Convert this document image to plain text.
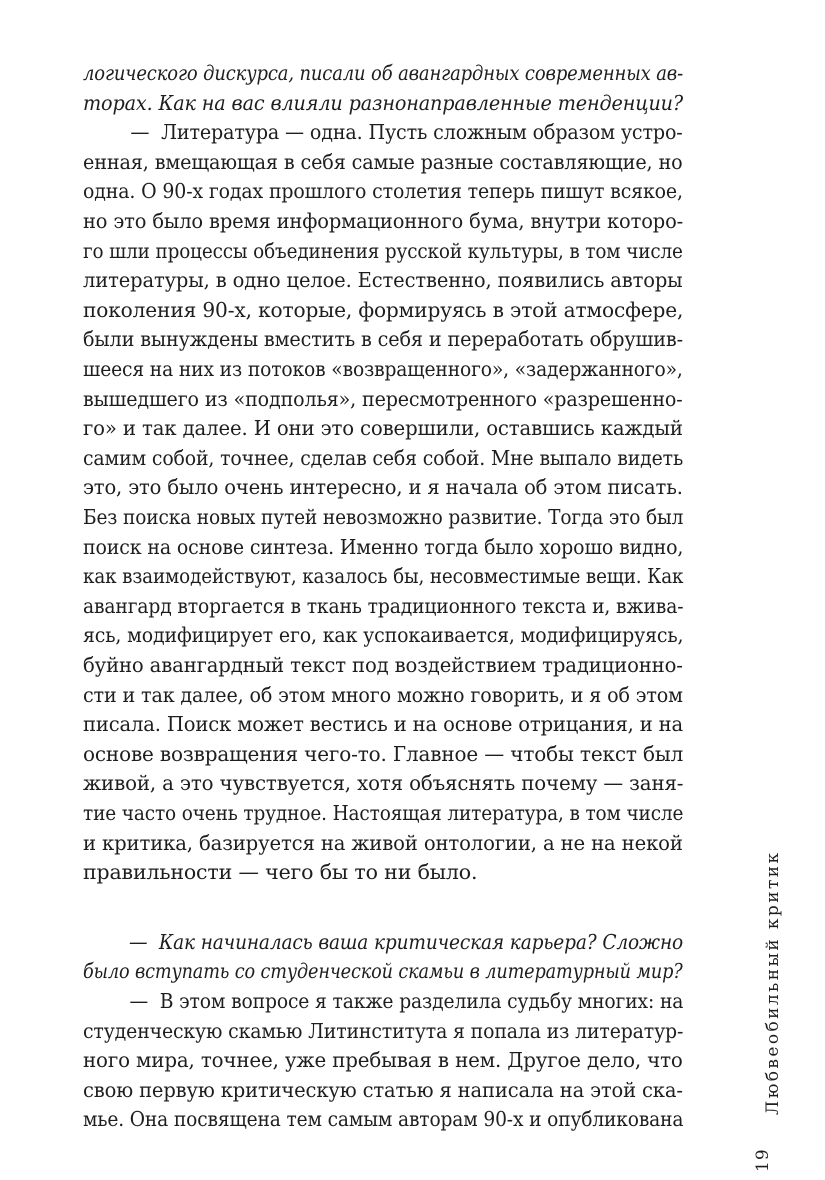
логического дискурса, писали об авангардных современных ав-
торах. Как на вас влияли разнонаправленные тенденции?
—  Литература — одна. Пусть сложным образом устро-
енная, вмещающая в себя самые разные составляющие, но
одна. О 90-х годах прошлого столетия теперь пишут всякое,
но это было время информационного бума, внутри которо-
го шли процессы объединения русской культуры, в том числе
литературы, в одно целое. Естественно, появились авторы
поколения 90-х, которые, формируясь в этой атмосфере,
были вынуждены вместить в себя и переработать обрушив-
шееся на них из потоков «возвращенного», «задержанного»,
вышедшего из «подполья», пересмотренного «разрешенно-
го» и так далее. И они это совершили, оставшись каждый
самим собой, точнее, сделав себя собой. Мне выпало видеть
это, это было очень интересно, и я начала об этом писать.
Без поиска новых путей невозможно развитие. Тогда это был
поиск на основе синтеза. Именно тогда было хорошо видно,
как взаимодействуют, казалось бы, несовместимые вещи. Как
авангард вторгается в ткань традиционного текста и, вжива-
ясь, модифицирует его, как успокаивается, модифицируясь,
буйно авангардный текст под воздействием традиционно-
сти и так далее, об этом много можно говорить, и я об этом
писала. Поиск может вестись и на основе отрицания, и на
основе возвращения чего-то. Главное — чтобы текст был
живой, а это чувствуется, хотя объяснять почему — заня-
тие часто очень трудное. Настоящая литература, в том числе
и критика, базируется на живой онтологии, а не на некой
правильности — чего бы то ни было.
—  Как начиналась ваша критическая карьера? Сложно
было вступать со студенческой скамьи в литературный мир?
—  В этом вопросе я также разделила судьбу многих: на
студенческую скамью Литинститута я попала из литератур-
ного мира, точнее, уже пребывая в нем. Другое дело, что
свою первую критическую статью я написала на этой ска-
мье. Она посвящена тем самым авторам 90-х и опубликована
Любвеобильный критик
19
